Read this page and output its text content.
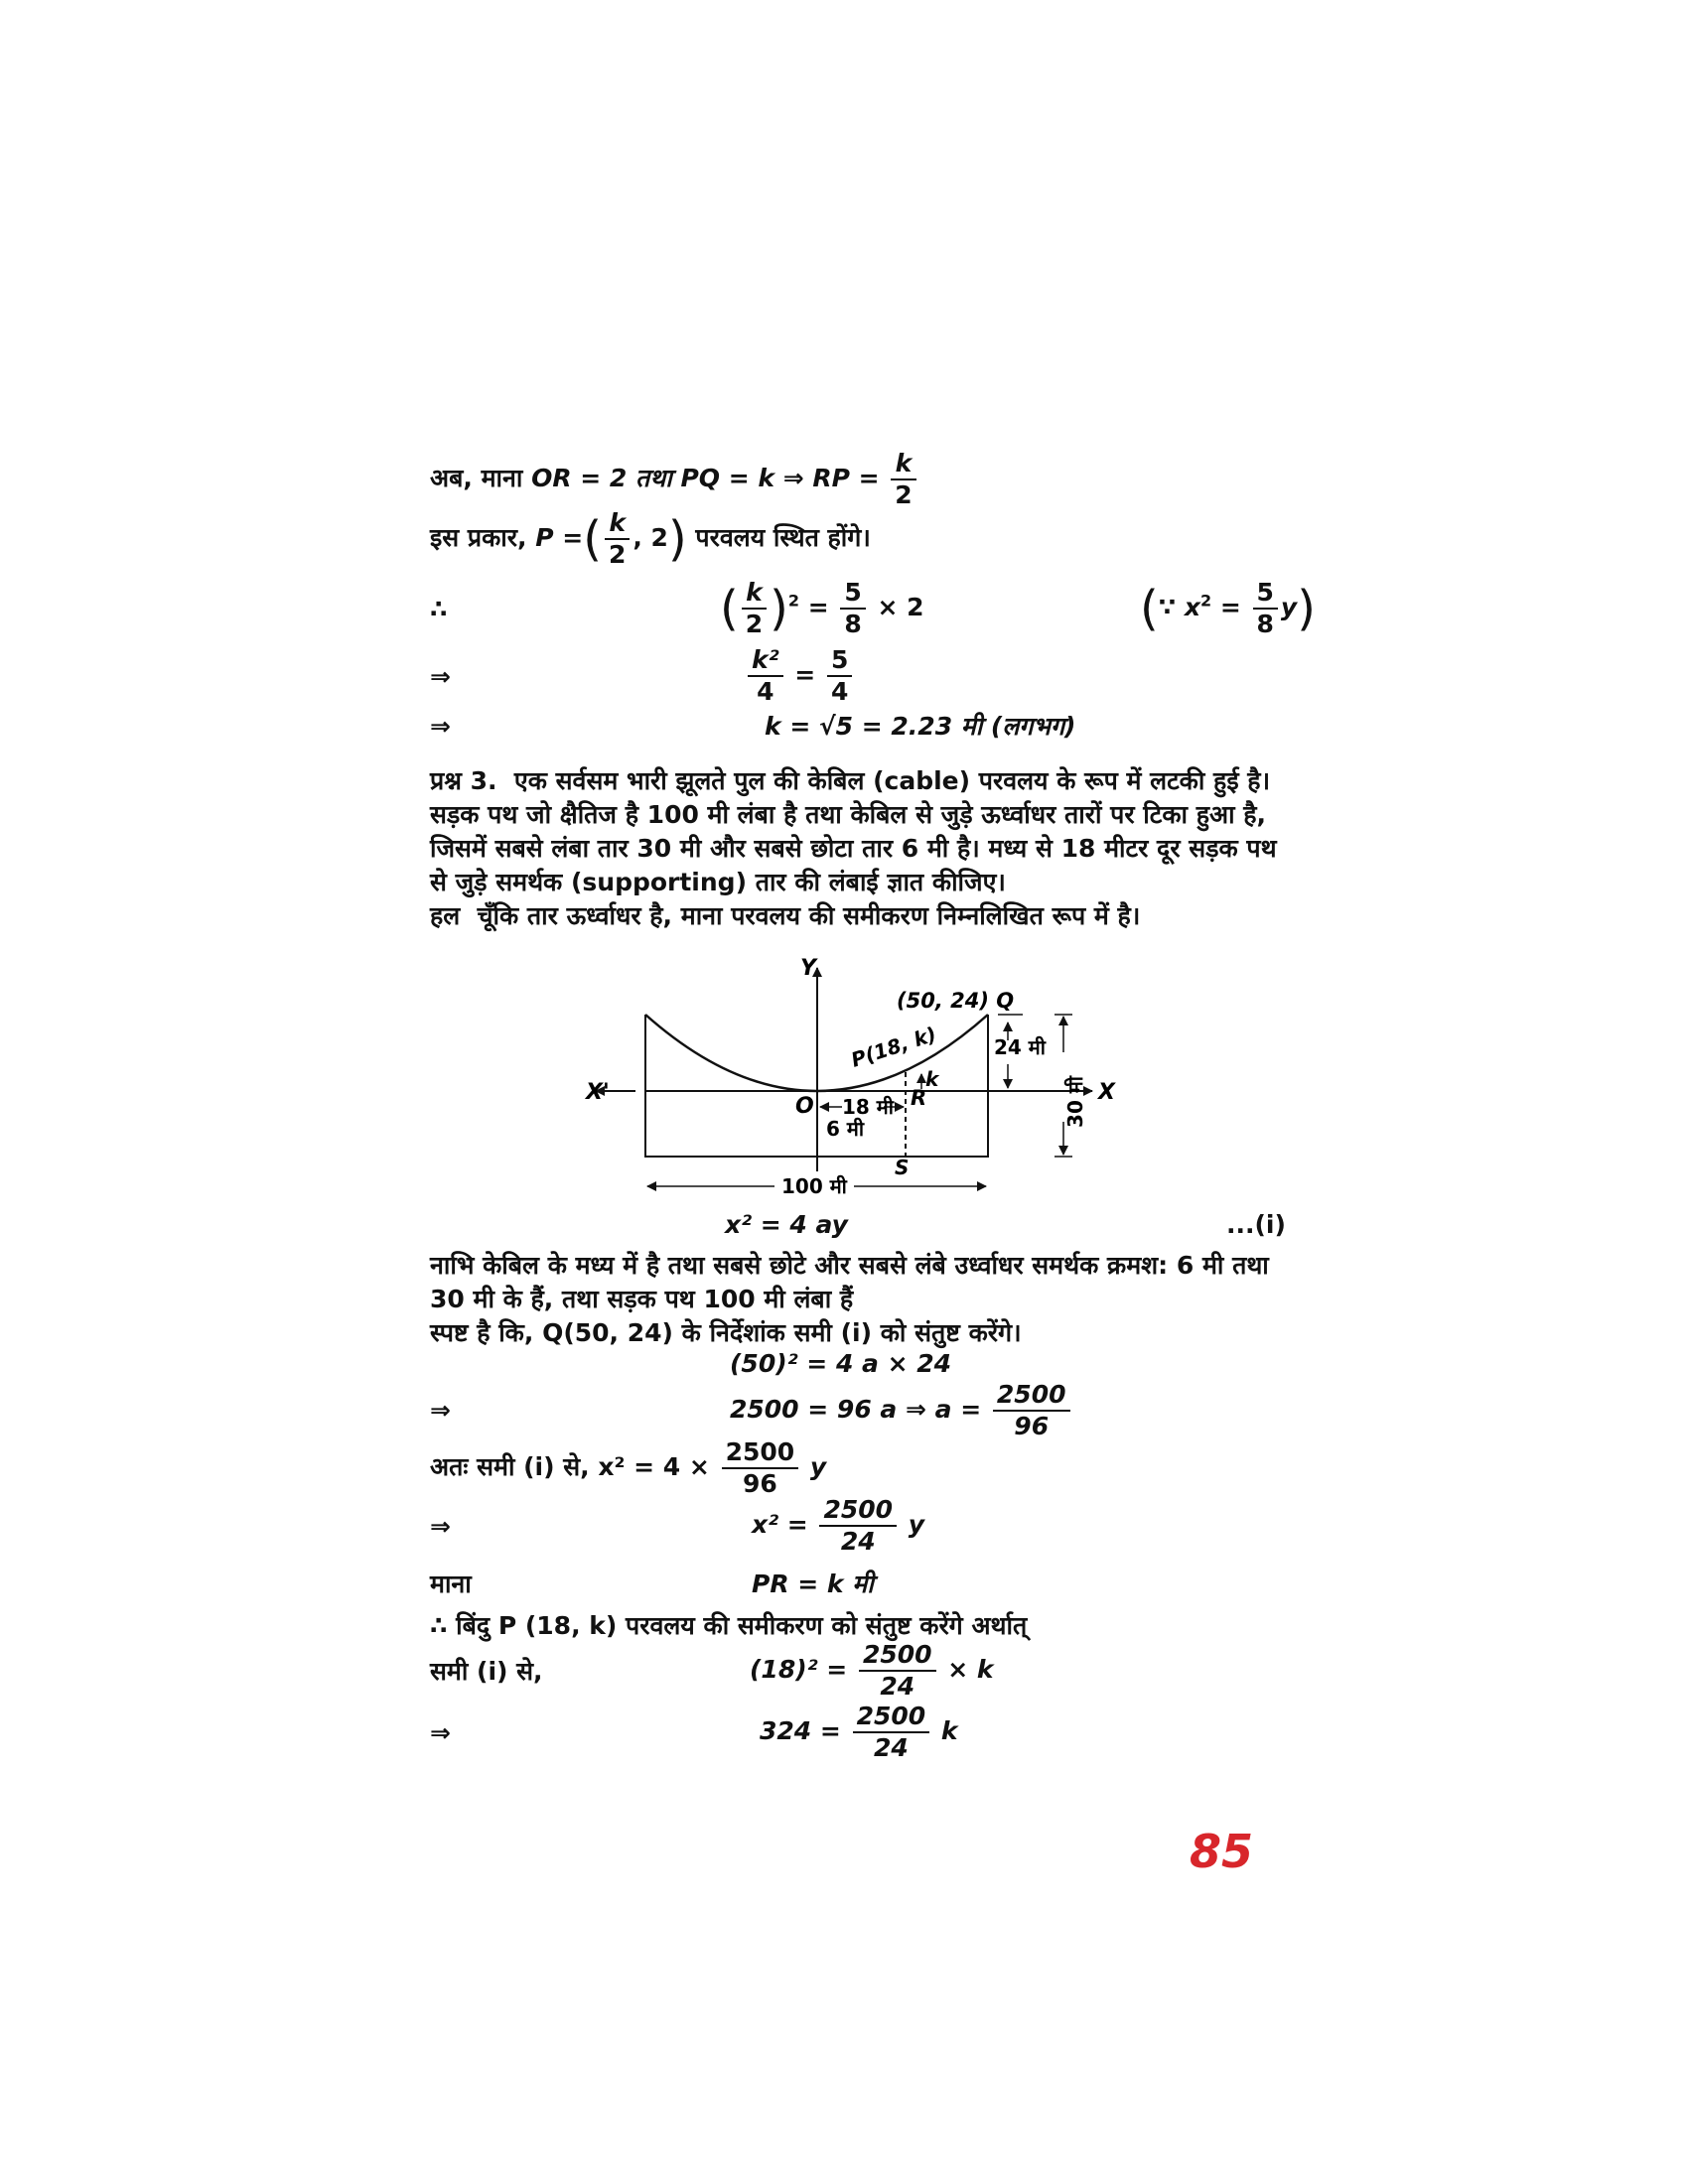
अब, माना OR = 2 तथा PQ = k ⇒ RP = $\frac{k}{2}$
इस प्रकार, P =( $\frac{k}{2}$ , 2) परवलय स्थित होंगे।
∴	( $\frac{k}{2} )^2 = \frac{5}{8} \times 2$	(∵ $x^2 = \frac{5}{8} y$)
⇒	$\frac{\text{k²}}{4} = \frac{5}{4}$
⇒	k = √5 = 2.23 मी (लगभग)
प्रश्न 3. एक सर्वसम भारी झूलते पुल की केबिल (cable) परवलय के रूप में लटकी हुई है।
सड़क पथ जो क्षैतिज है 100 मी लंबा है तथा केबिल से जुड़े ऊर्ध्वाधर तारों पर टिका हुआ है,
जिसमें सबसे लंबा तार 30 मी और सबसे छोटा तार 6 मी है। मध्य से 18 मीटर दूर सड़क पथ
से जुड़े समर्थक (supporting) तार की लंबाई ज्ञात कीजिए।
हल चूँकि तार ऊर्ध्वाधर है, माना परवलय की समीकरण निम्नलिखित रूप में है।
Y
(50, 24) Q
P(18, k)	24 मी
30 मी
X'	X
O 18 मी R
k
6 मी
S
100 मी
x² = 4 ay	...(i)
नाभि केबिल के मध्य में है तथा सबसे छोटे और सबसे लंबे उर्ध्वाधर समर्थक क्रमश: 6 मी तथा
30 मी के हैं, तथा सड़क पथ 100 मी लंबा हैं
स्पष्ट है कि, Q(50, 24) के निर्देशांक समी (i) को संतुष्ट करेंगे।
(50)² = 4 a × 24
⇒	2500 = 96 a ⇒ $a = \frac{2500}{96}$
अतः समी (i) से, $x^2 = 4 \times \frac{2500}{96}$ y
⇒	$x^2 = \frac{2500}{24}$ y
माना	PR = k मी
∴ बिंदु P (18, k) परवलय की समीकरण को संतुष्ट करेंगे अर्थात्
समी (i) से,	$(18)^2 = \frac{2500}{24} \times k$
⇒	$324 = \frac{2500}{24}$ k
85
